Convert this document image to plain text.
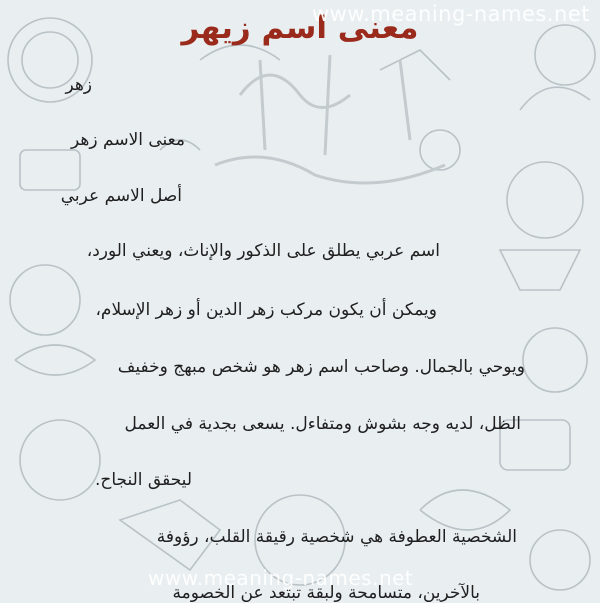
معنى اسم زيهر
www.meaning-names.net
زهر
معنى الاسم زهر
أصل الاسم عربي
اسم عربي يطلق على الذكور والإناث، ويعني الورد،
ويمكن أن يكون مركب زهر الدين أو زهر الإسلام،
ويوحي بالجمال. وصاحب اسم زهر هو شخص مبهج وخفيف
الظل، لديه وجه بشوش ومتفاءل. يسعى بجدية في العمل
ليحقق النجاح.
الشخصية العطوفة هي شخصية رقيقة القلب، رؤوفة
بالآخرين، متسامحة ولبقة تبتعد عن الخصومة
www.meaning-names.net
